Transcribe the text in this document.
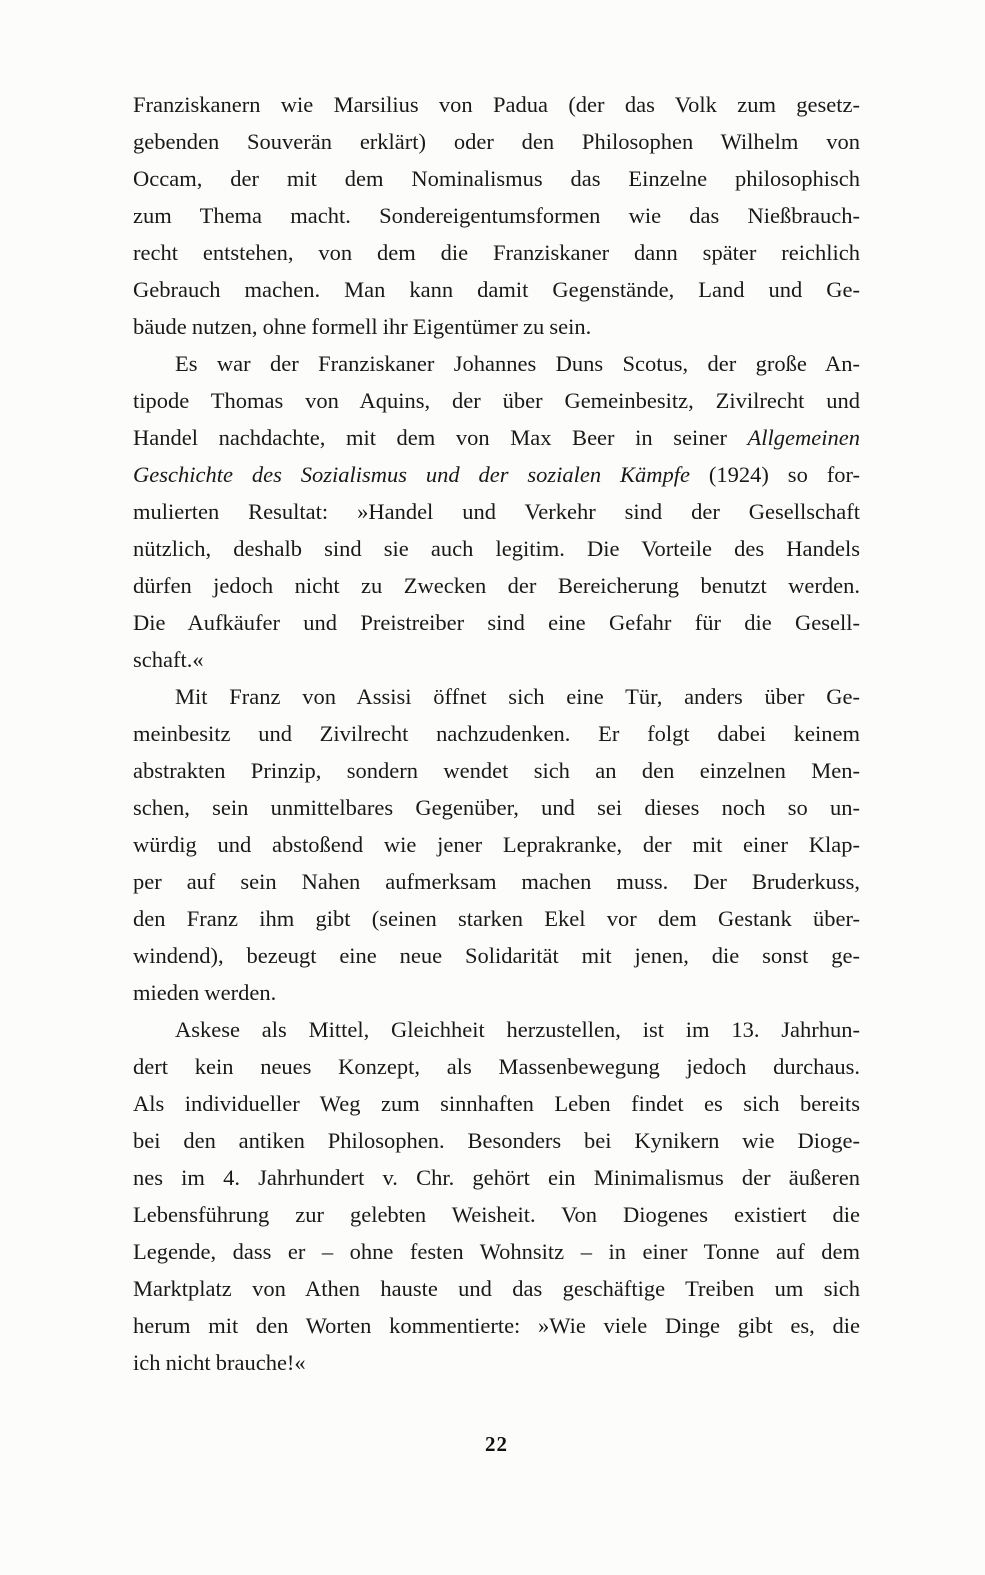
Franziskanern wie Marsilius von Padua (der das Volk zum gesetz-
gebenden Souverän erklärt) oder den Philosophen Wilhelm von
Occam, der mit dem Nominalismus das Einzelne philosophisch
zum Thema macht. Sondereigentumsformen wie das Nießbrauch-
recht entstehen, von dem die Franziskaner dann später reichlich
Gebrauch machen. Man kann damit Gegenstände, Land und Ge-
bäude nutzen, ohne formell ihr Eigentümer zu sein.
Es war der Franziskaner Johannes Duns Scotus, der große An-
tipode Thomas von Aquins, der über Gemeinbesitz, Zivilrecht und
Handel nachdachte, mit dem von Max Beer in seiner Allgemeinen
Geschichte des Sozialismus und der sozialen Kämpfe (1924) so for-
mulierten Resultat: »Handel und Verkehr sind der Gesellschaft
nützlich, deshalb sind sie auch legitim. Die Vorteile des Handels
dürfen jedoch nicht zu Zwecken der Bereicherung benutzt werden.
Die Aufkäufer und Preistreiber sind eine Gefahr für die Gesell-
schaft.«
Mit Franz von Assisi öffnet sich eine Tür, anders über Ge-
meinbesitz und Zivilrecht nachzudenken. Er folgt dabei keinem
abstrakten Prinzip, sondern wendet sich an den einzelnen Men-
schen, sein unmittelbares Gegenüber, und sei dieses noch so un-
würdig und abstoßend wie jener Leprakranke, der mit einer Klap-
per auf sein Nahen aufmerksam machen muss. Der Bruderkuss,
den Franz ihm gibt (seinen starken Ekel vor dem Gestank über-
windend), bezeugt eine neue Solidarität mit jenen, die sonst ge-
mieden werden.
Askese als Mittel, Gleichheit herzustellen, ist im 13. Jahrhun-
dert kein neues Konzept, als Massenbewegung jedoch durchaus.
Als individueller Weg zum sinnhaften Leben findet es sich bereits
bei den antiken Philosophen. Besonders bei Kynikern wie Dioge-
nes im 4. Jahrhundert v. Chr. gehört ein Minimalismus der äußeren
Lebensführung zur gelebten Weisheit. Von Diogenes existiert die
Legende, dass er – ohne festen Wohnsitz – in einer Tonne auf dem
Marktplatz von Athen hauste und das geschäftige Treiben um sich
herum mit den Worten kommentierte: »Wie viele Dinge gibt es, die
ich nicht brauche!«
22
